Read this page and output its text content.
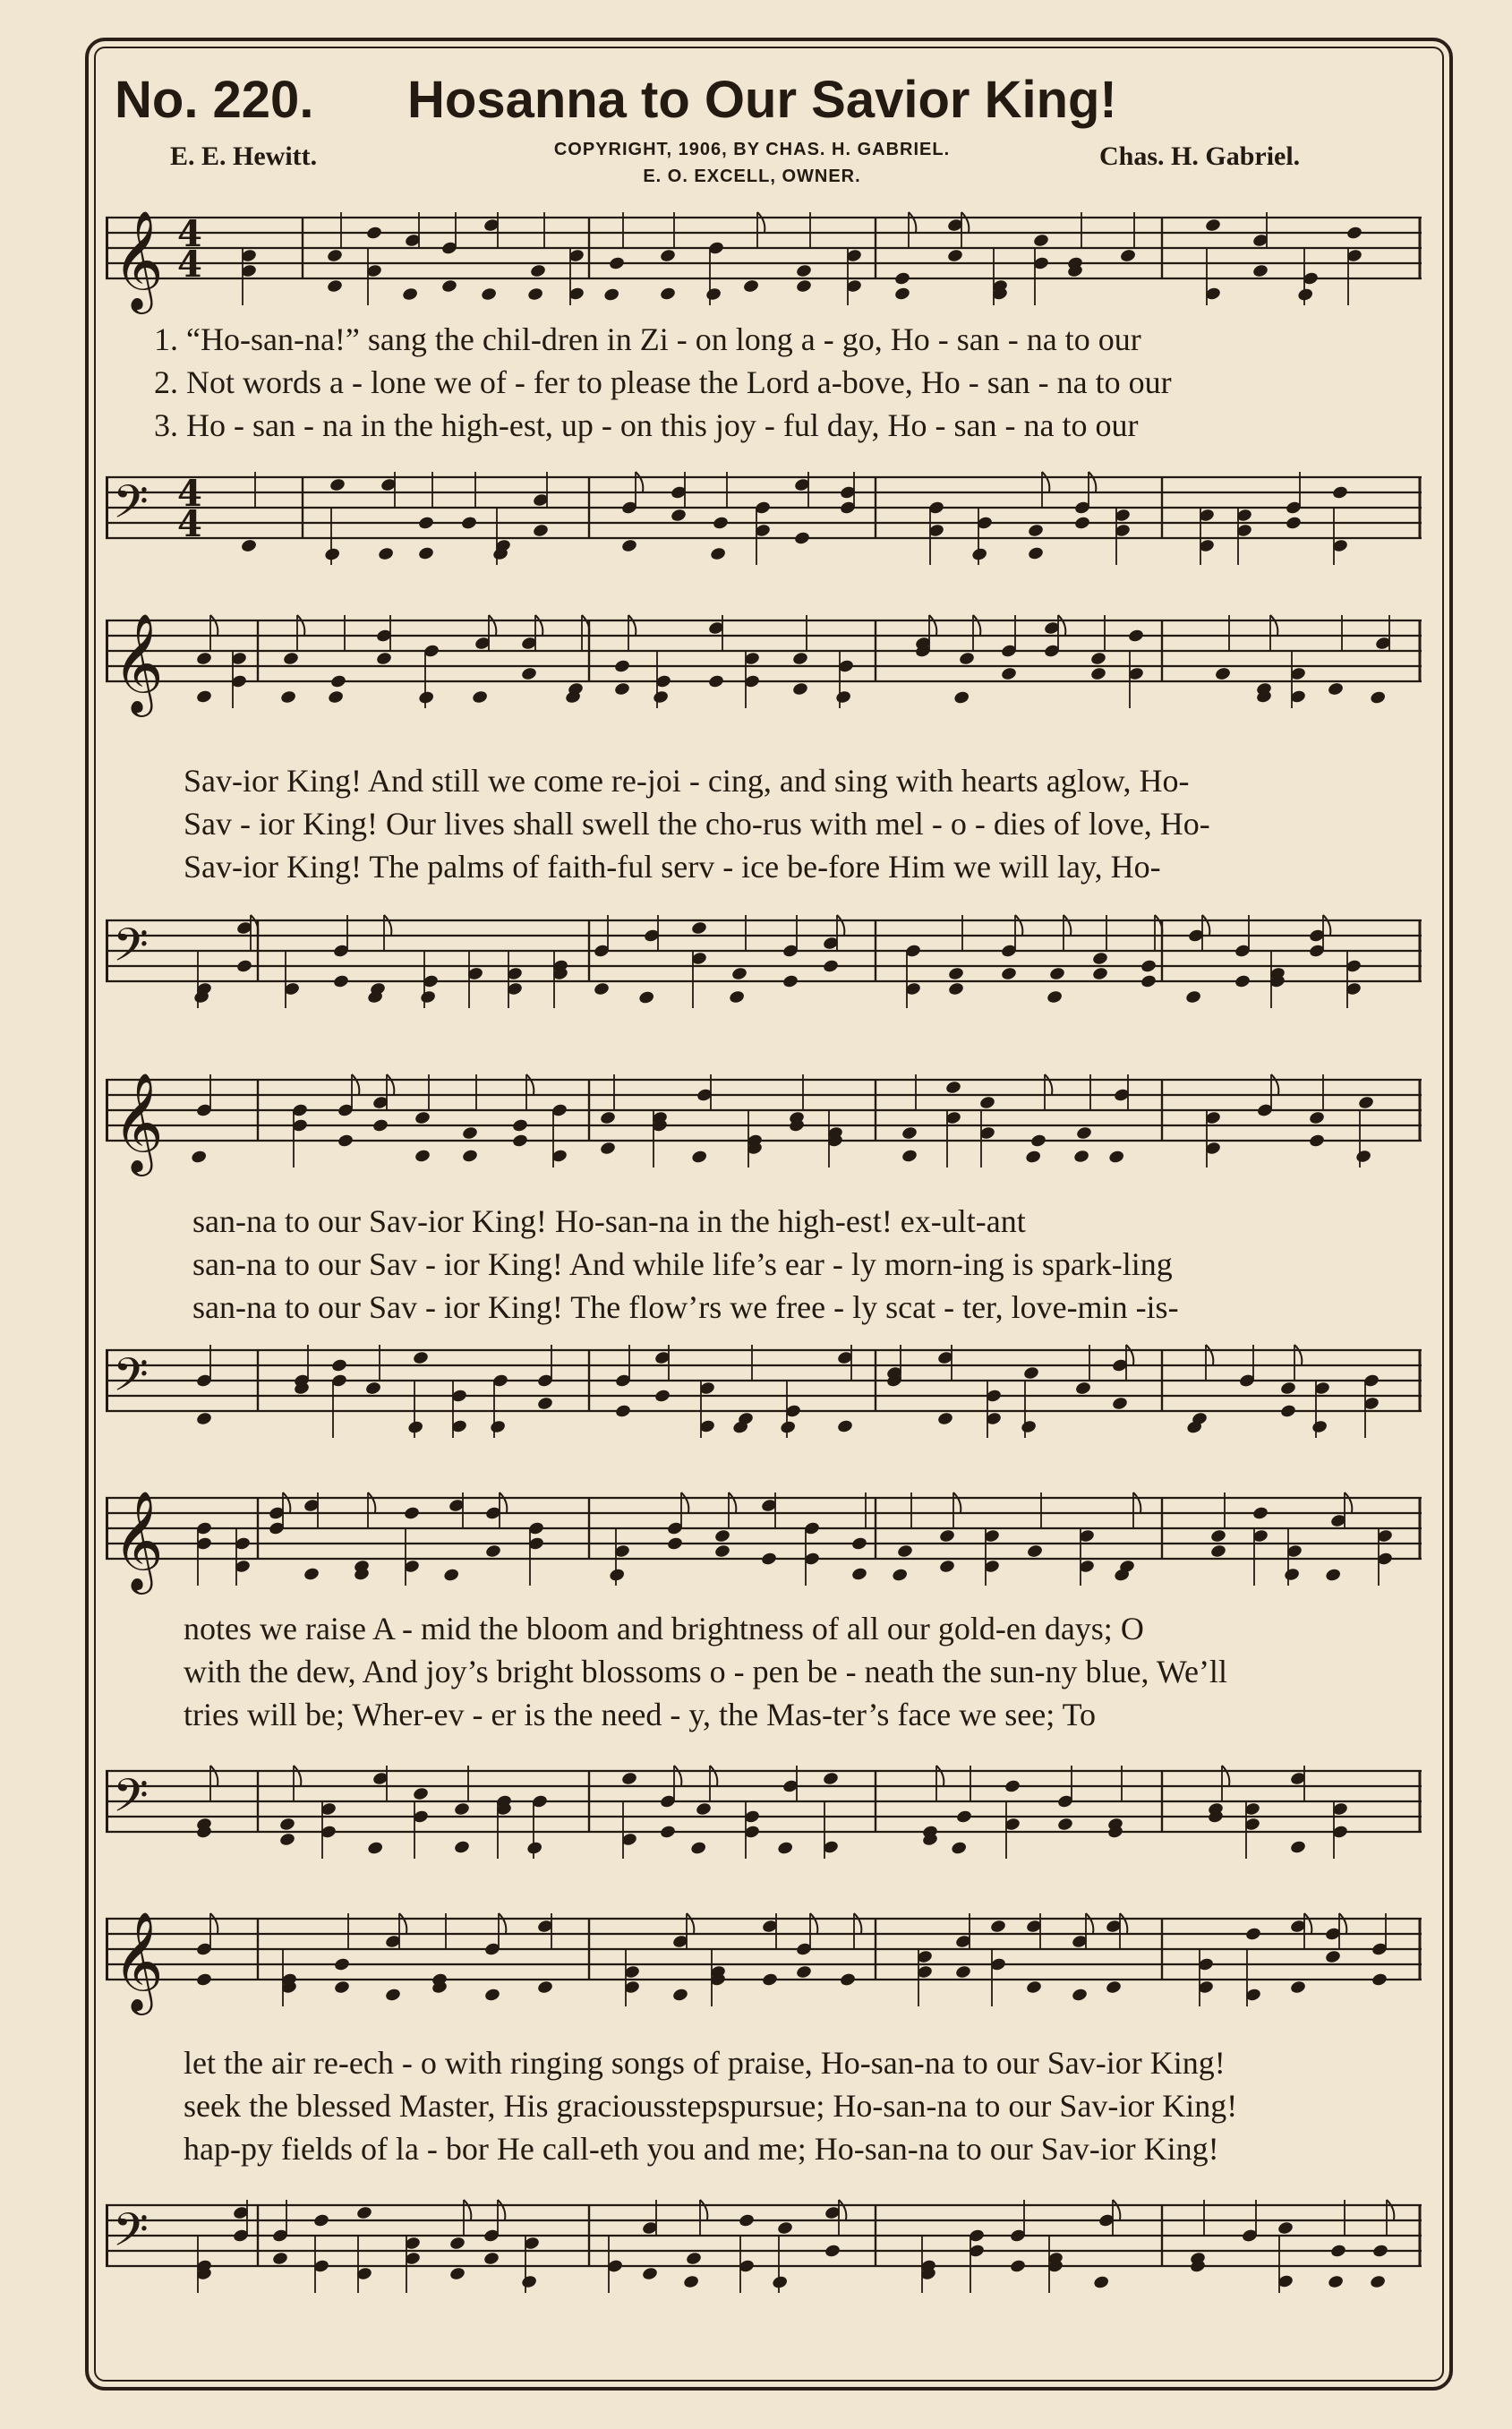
No. 220. Hosanna to Our Savior King!
E. E. Hewitt.	COPYRIGHT, 1906, BY CHAS. H. GABRIEL.
E. O. EXCELL, OWNER.
Chas. H. Gabriel.
𝄞 4
4
1. “Ho-san-na!” sang the chil-dren in Zi - on long a - go, Ho - san - na to our
2. Not words a - lone we of - fer to please the Lord a-bove, Ho - san - na to our
3. Ho - san - na in the high-est, up - on this joy - ful day, Ho - san - na to our
𝄢 4
4
𝄞
Sav-ior King! And still we come re-joi - cing, and sing with hearts aglow, Ho-
Sav - ior King! Our lives shall swell the cho-rus with mel - o - dies of love, Ho-
Sav-ior King! The palms of faith-ful serv - ice be-fore Him we will lay, Ho-
𝄢
𝄞
san-na to our Sav-ior King! Ho-san-na in the high-est! ex-ult-ant
san-na to our Sav - ior King! And while life’s ear - ly morn-ing is spark-ling
san-na to our Sav - ior King! The flow’rs we free - ly scat - ter, love-min -is-
𝄢
𝄞
notes we raise A - mid the bloom and brightness of all our gold-en days; O
with the dew, And joy’s bright blossoms o - pen be - neath the sun-ny blue, We’ll
tries will be; Wher-ev - er is the need - y, the Mas-ter’s face we see; To
𝄢
𝄞
let the air re-ech - o with ringing songs of praise, Ho-san-na to our Sav-ior King!
seek the blessed Master, His graciousstepspursue; Ho-san-na to our Sav-ior King!
hap-py fields of la - bor He call-eth you and me; Ho-san-na to our Sav-ior King!
𝄢
